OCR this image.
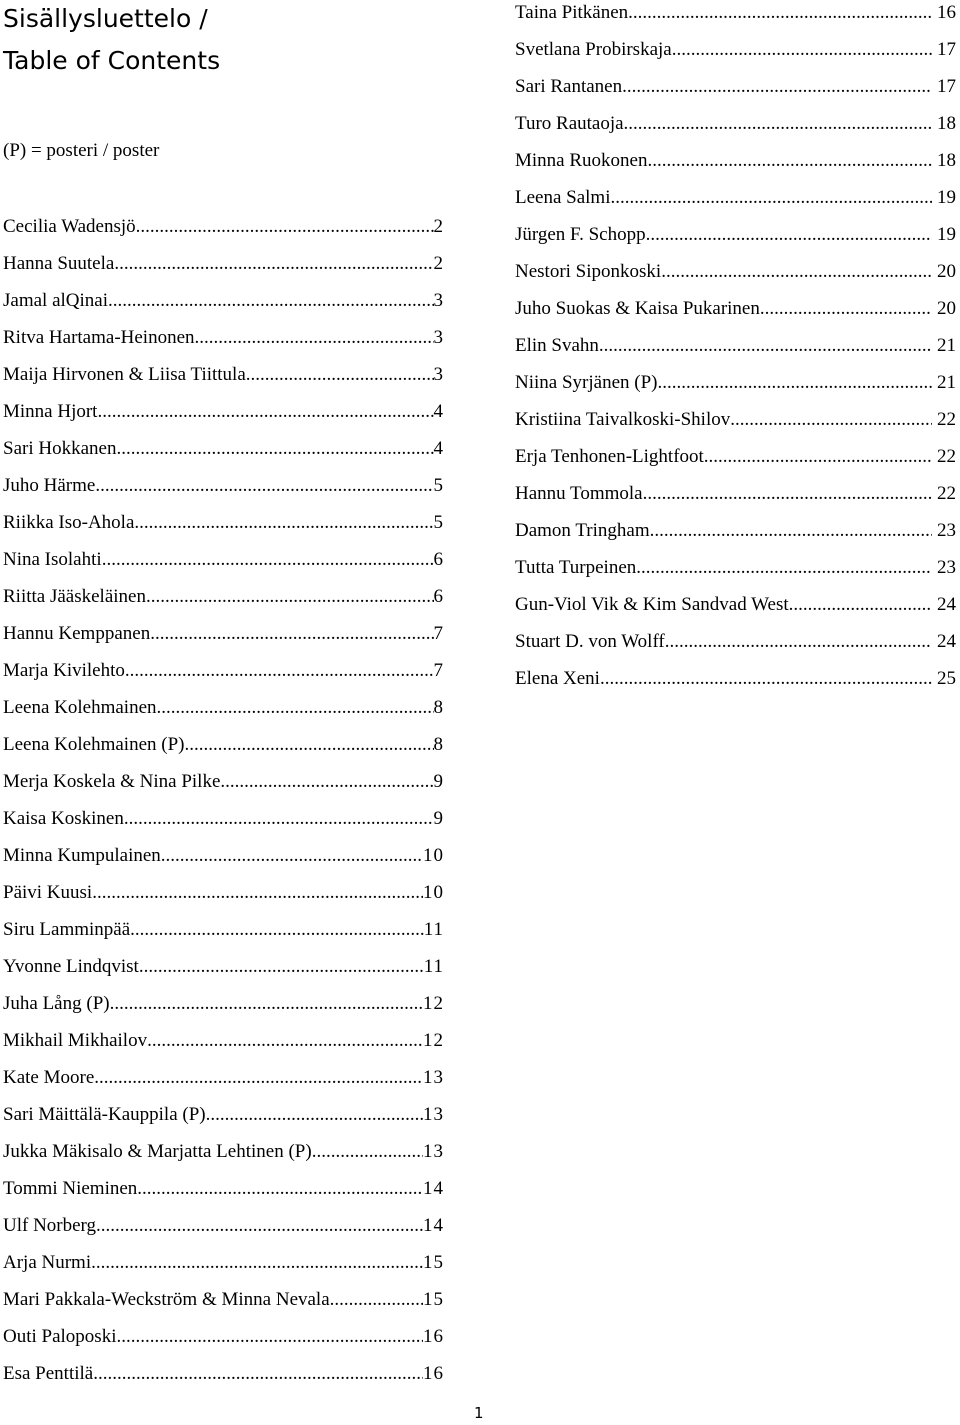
Sisällysluettelo /
Table of Contents
(P) = posteri / poster
Cecilia Wadensjö .....	2
Hanna Suutela .....	2
Jamal alQinai .....	3
Ritva Hartama-Heinonen .....	3
Maija Hirvonen & Liisa Tiittula .....	3
Minna Hjort .....	4
Sari Hokkanen .....	4
Juho Härme .....	5
Riikka Iso-Ahola .....	5
Nina Isolahti .....	6
Riitta Jääskeläinen .....	6
Hannu Kemppanen .....	7
Marja Kivilehto .....	7
Leena Kolehmainen .....	8
Leena Kolehmainen (P) .....	8
Merja Koskela & Nina Pilke .....	9
Kaisa Koskinen .....	9
Minna Kumpulainen .....	10
Päivi Kuusi .....	10
Siru Lamminpää .....	11
Yvonne Lindqvist .....	11
Juha Lång (P) .....	12
Mikhail Mikhailov .....	12
Kate Moore .....	13
Sari Mäittälä-Kauppila (P) .....	13
Jukka Mäkisalo & Marjatta Lehtinen (P) .....	13
Tommi Nieminen .....	14
Ulf Norberg .....	14
Arja Nurmi .....	15
Mari Pakkala-Weckström & Minna Nevala .....	15
Outi Paloposki .....	16
Esa Penttilä .....	16
Taina Pitkänen .....	16
Svetlana Probirskaja .....	17
Sari Rantanen .....	17
Turo Rautaoja .....	18
Minna Ruokonen .....	18
Leena Salmi .....	19
Jürgen F. Schopp .....	19
Nestori Siponkoski .....	20
Juho Suokas & Kaisa Pukarinen .....	20
Elin Svahn .....	21
Niina Syrjänen (P) .....	21
Kristiina Taivalkoski-Shilov .....	22
Erja Tenhonen-Lightfoot .....	22
Hannu Tommola .....	22
Damon Tringham .....	23
Tutta Turpeinen .....	23
Gun-Viol Vik & Kim Sandvad West .....	24
Stuart D. von Wolff .....	24
Elena Xeni .....	25
1
